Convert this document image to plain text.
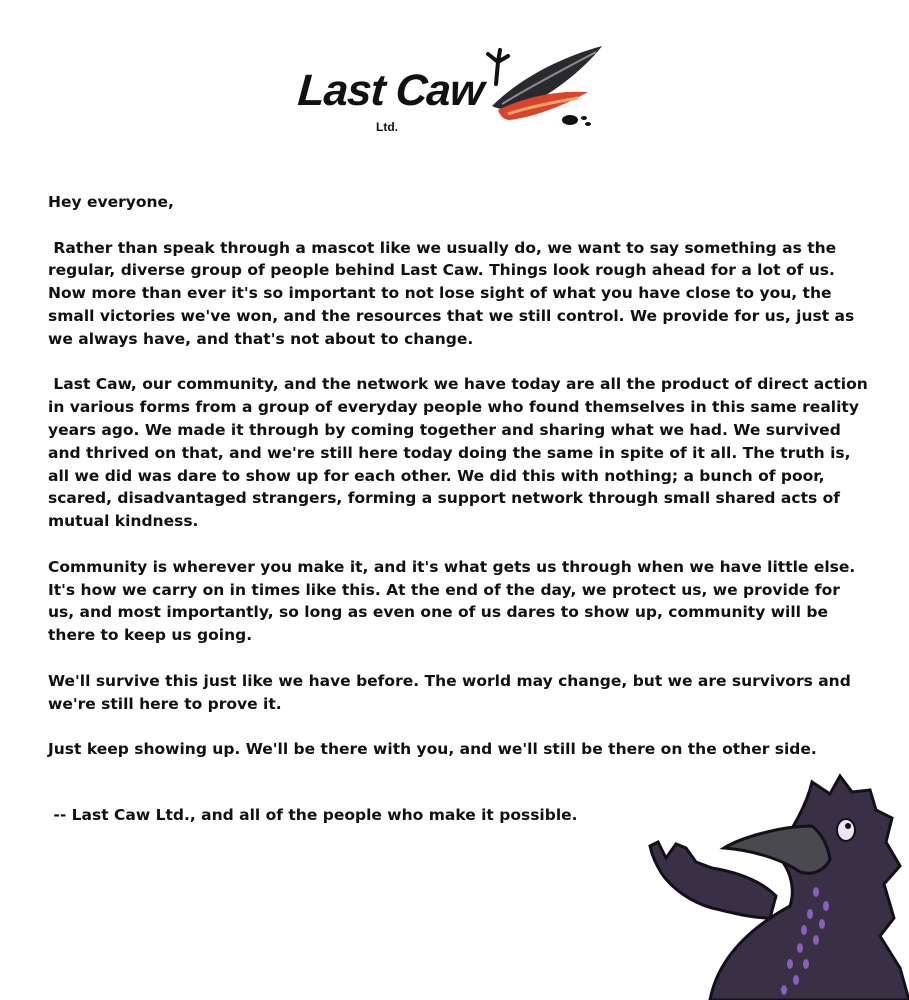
Last Caw
Ltd.

Hey everyone,

Rather than speak through a mascot like we usually do, we want to say something as the regular, diverse group of people behind Last Caw. Things look rough ahead for a lot of us. Now more than ever it's so important to not lose sight of what you have close to you, the small victories we've won, and the resources that we still control. We provide for us, just as we always have, and that's not about to change.

Last Caw, our community, and the network we have today are all the product of direct action in various forms from a group of everyday people who found themselves in this same reality years ago. We made it through by coming together and sharing what we had. We survived and thrived on that, and we're still here today doing the same in spite of it all. The truth is, all we did was dare to show up for each other. We did this with nothing; a bunch of poor, scared, disadvantaged strangers, forming a support network through small shared acts of mutual kindness.

Community is wherever you make it, and it's what gets us through when we have little else. It's how we carry on in times like this. At the end of the day, we protect us, we provide for us, and most importantly, so long as even one of us dares to show up, community will be there to keep us going.

We'll survive this just like we have before. The world may change, but we are survivors and we're still here to prove it.

Just keep showing up. We'll be there with you, and we'll still be there on the other side.

-- Last Caw Ltd., and all of the people who make it possible.
